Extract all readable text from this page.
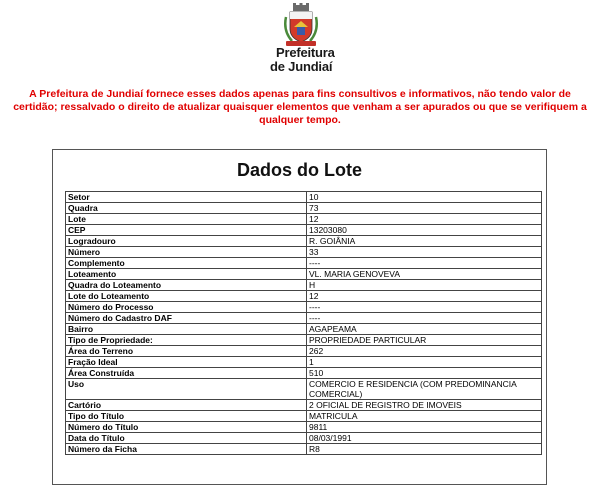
Prefeitura
de Jundiaí
A Prefeitura de Jundiaí fornece esses dados apenas para fins consultivos e informativos, não tendo valor de
certidão; ressalvado o direito de atualizar quaisquer elementos que venham a ser apurados ou que se verifiquem a
qualquer tempo.
Dados do Lote
Setor	10
Quadra	73
Lote	12
CEP	13203080
Logradouro	R. GOIÂNIA
Número	33
Complemento	----
Loteamento	VL. MARIA GENOVEVA
Quadra do Loteamento	H
Lote do Loteamento	12
Número do Processo	----
Número do Cadastro DAF	----
Bairro	AGAPEAMA
Tipo de Propriedade:	PROPRIEDADE PARTICULAR
Área do Terreno	262
Fração Ideal	1
Área Construída	510
Uso	COMERCIO E RESIDENCIA (COM PREDOMINANCIA COMERCIAL)
Cartório	2 OFICIAL DE REGISTRO DE IMOVEIS
Tipo do Título	MATRICULA
Número do Título	9811
Data do Título	08/03/1991
Número da Ficha	R8
